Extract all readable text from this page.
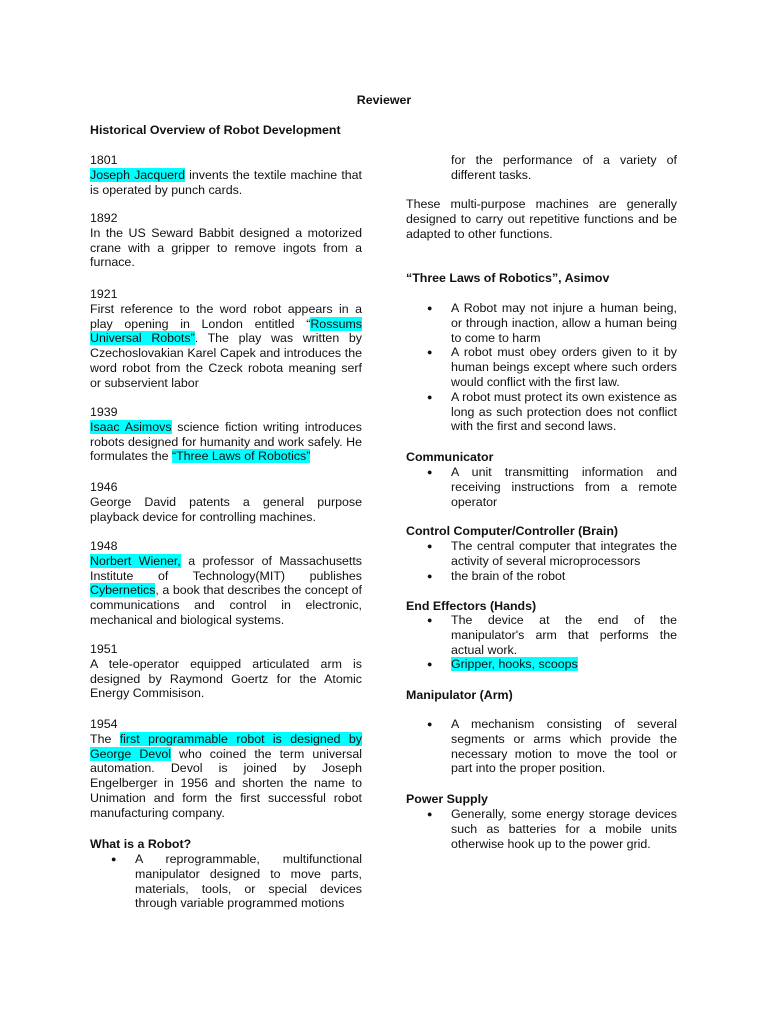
Reviewer
Historical Overview of Robot Development
1801
Joseph Jacquerd invents the textile machine that is operated by punch cards.
1892
In the US Seward Babbit designed a motorized crane with a gripper to remove ingots from a furnace.
1921
First reference to the word robot appears in a play opening in London entitled “Rossums Universal Robots”. The play was written by Czechoslovakian Karel Capek and introduces the word robot from the Czeck robota meaning serf or subservient labor
1939
Isaac Asimovs science fiction writing introduces robots designed for humanity and work safely. He formulates the “Three Laws of Robotics”
1946
George David patents a general purpose playback device for controlling machines.
1948
Norbert Wiener, a professor of Massachusetts Institute of Technology(MIT) publishes Cybernetics, a book that describes the concept of communications and control in electronic, mechanical and biological systems.
1951
A tele-operator equipped articulated arm is designed by Raymond Goertz for the Atomic Energy Commisison.
1954
The first programmable robot is designed by George Devol who coined the term universal automation. Devol is joined by Joseph Engelberger in 1956 and shorten the name to Unimation and form the first successful robot manufacturing company.
What is a Robot?
● A reprogrammable, multifunctional manipulator designed to move parts, materials, tools, or special devices through variable programmed motions
for the performance of a variety of different tasks.
These multi-purpose machines are generally designed to carry out repetitive functions and be adapted to other functions.
“Three Laws of Robotics”, Asimov
● A Robot may not injure a human being, or through inaction, allow a human being to come to harm
● A robot must obey orders given to it by human beings except where such orders would conflict with the first law.
● A robot must protect its own existence as long as such protection does not conflict with the first and second laws.
Communicator
● A unit transmitting information and receiving instructions from a remote operator
Control Computer/Controller (Brain)
● The central computer that integrates the activity of several microprocessors
● the brain of the robot
End Effectors (Hands)
● The device at the end of the manipulator's arm that performs the actual work.
● Gripper, hooks, scoops
Manipulator (Arm)
● A mechanism consisting of several segments or arms which provide the necessary motion to move the tool or part into the proper position.
Power Supply
● Generally, some energy storage devices such as batteries for a mobile units otherwise hook up to the power grid.
